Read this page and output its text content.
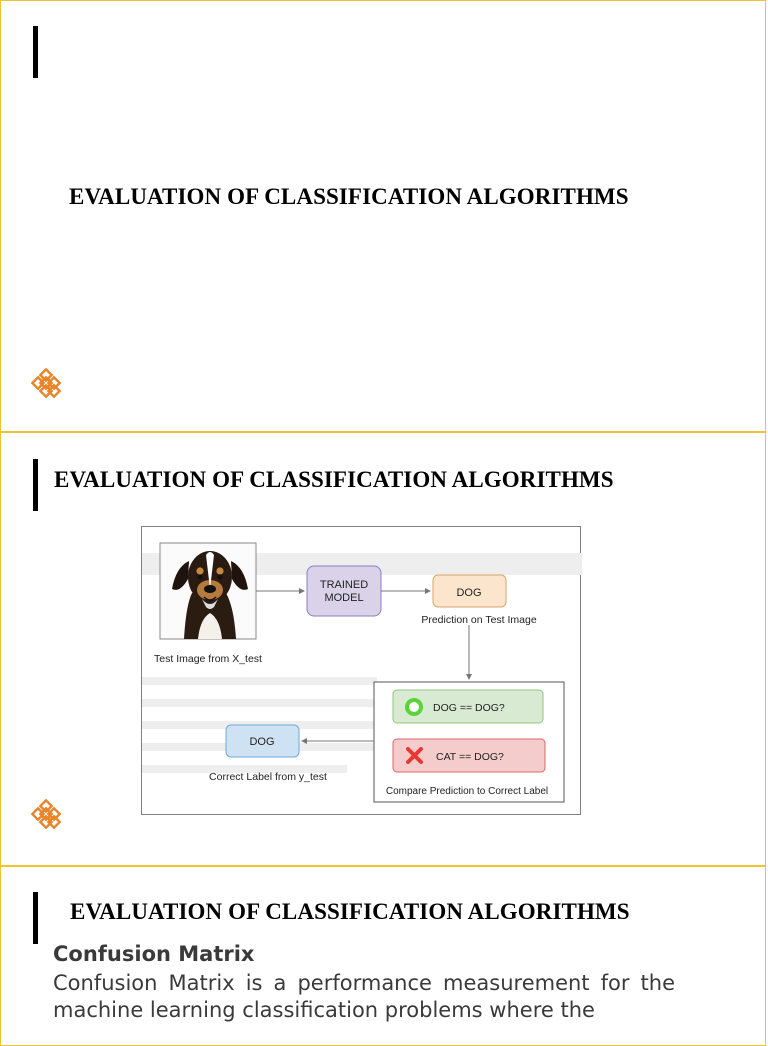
EVALUATION OF CLASSIFICATION ALGORITHMS
EVALUATION OF CLASSIFICATION ALGORITHMS
Test Image from X_test
TRAINED
MODEL	DOG
Prediction on Test Image
DOG == DOG?
CAT == DOG?
Compare Prediction to Correct Label
DOG
Correct Label from y_test
EVALUATION OF CLASSIFICATION ALGORITHMS
Confusion Matrix
Confusion Matrix is a performance measurement for the machine learning classification problems where the
